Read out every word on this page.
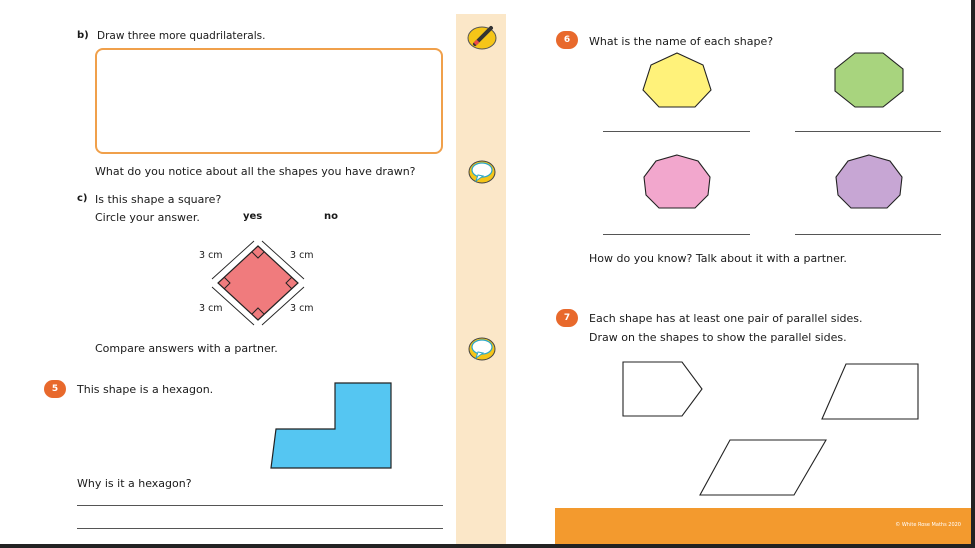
b) Draw three more quadrilaterals.
What do you notice about all the shapes you have drawn?
c) Is this shape a square?
Circle your answer.	yes	no
3 cm	3 cm
3 cm	3 cm
Compare answers with a partner.
5	This shape is a hexagon.
Why is it a hexagon?
6	What is the name of each shape?
How do you know? Talk about it with a partner.
7	Each shape has at least one pair of parallel sides.
Draw on the shapes to show the parallel sides.
© White Rose Maths 2020
